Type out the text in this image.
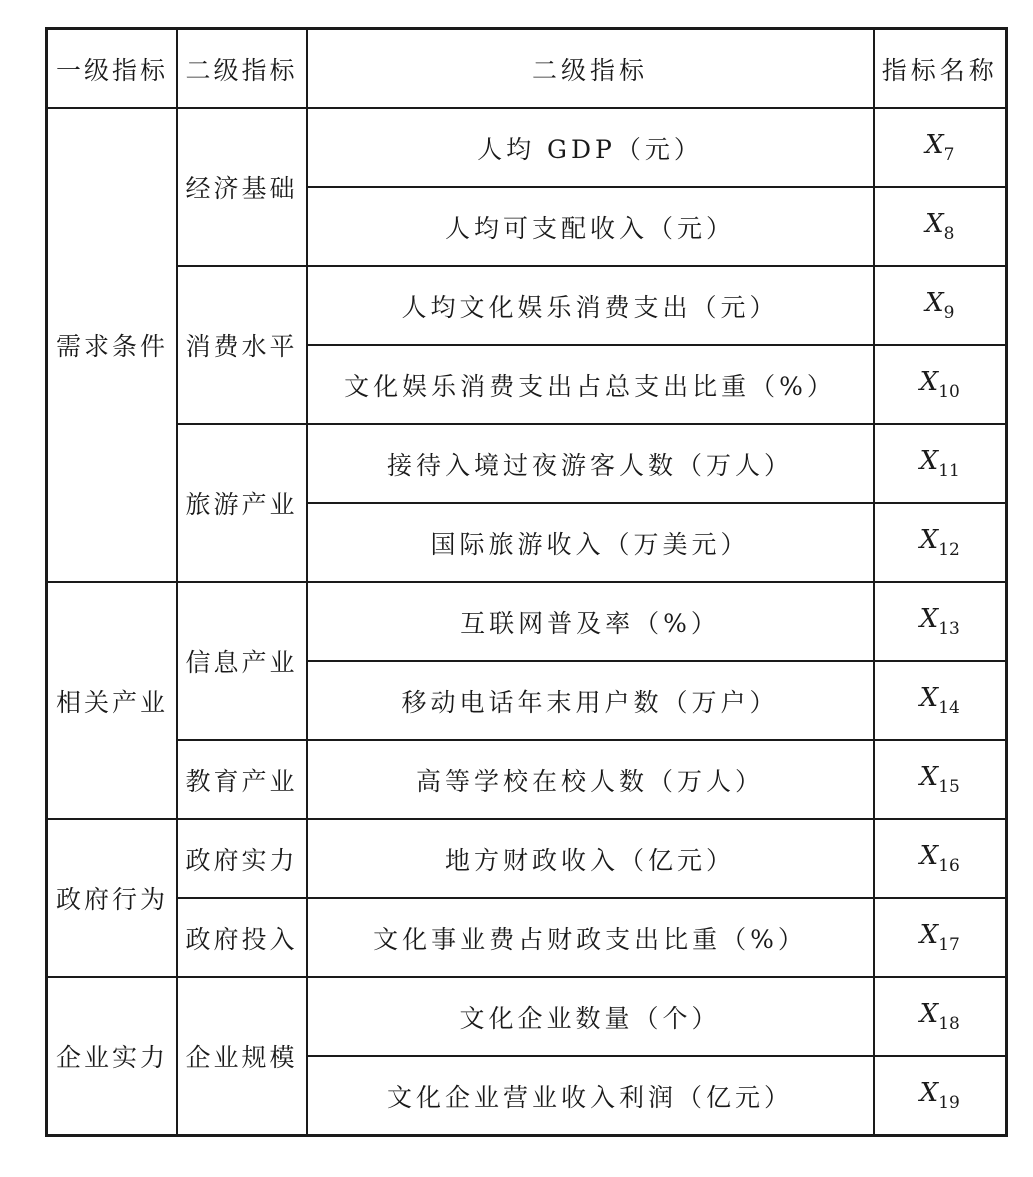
一级指标	二级指标	二级指标	指标名称
需求条件	经济基础	人均 GDP（元）	$X_7$
		人均可支配收入（元）	$X_8$
	消费水平	人均文化娱乐消费支出（元）	$X_9$
		文化娱乐消费支出占总支出比重（%）	$X_{10}$
	旅游产业	接待入境过夜游客人数（万人）	$X_{11}$
		国际旅游收入（万美元）	$X_{12}$
相关产业	信息产业	互联网普及率（%）	$X_{13}$
		移动电话年末用户数（万户）	$X_{14}$
	教育产业	高等学校在校人数（万人）	$X_{15}$
政府行为	政府实力	地方财政收入（亿元）	$X_{16}$
	政府投入	文化事业费占财政支出比重（%）	$X_{17}$
企业实力	企业规模	文化企业数量（个）	$X_{18}$
		文化企业营业收入利润（亿元）	$X_{19}$
